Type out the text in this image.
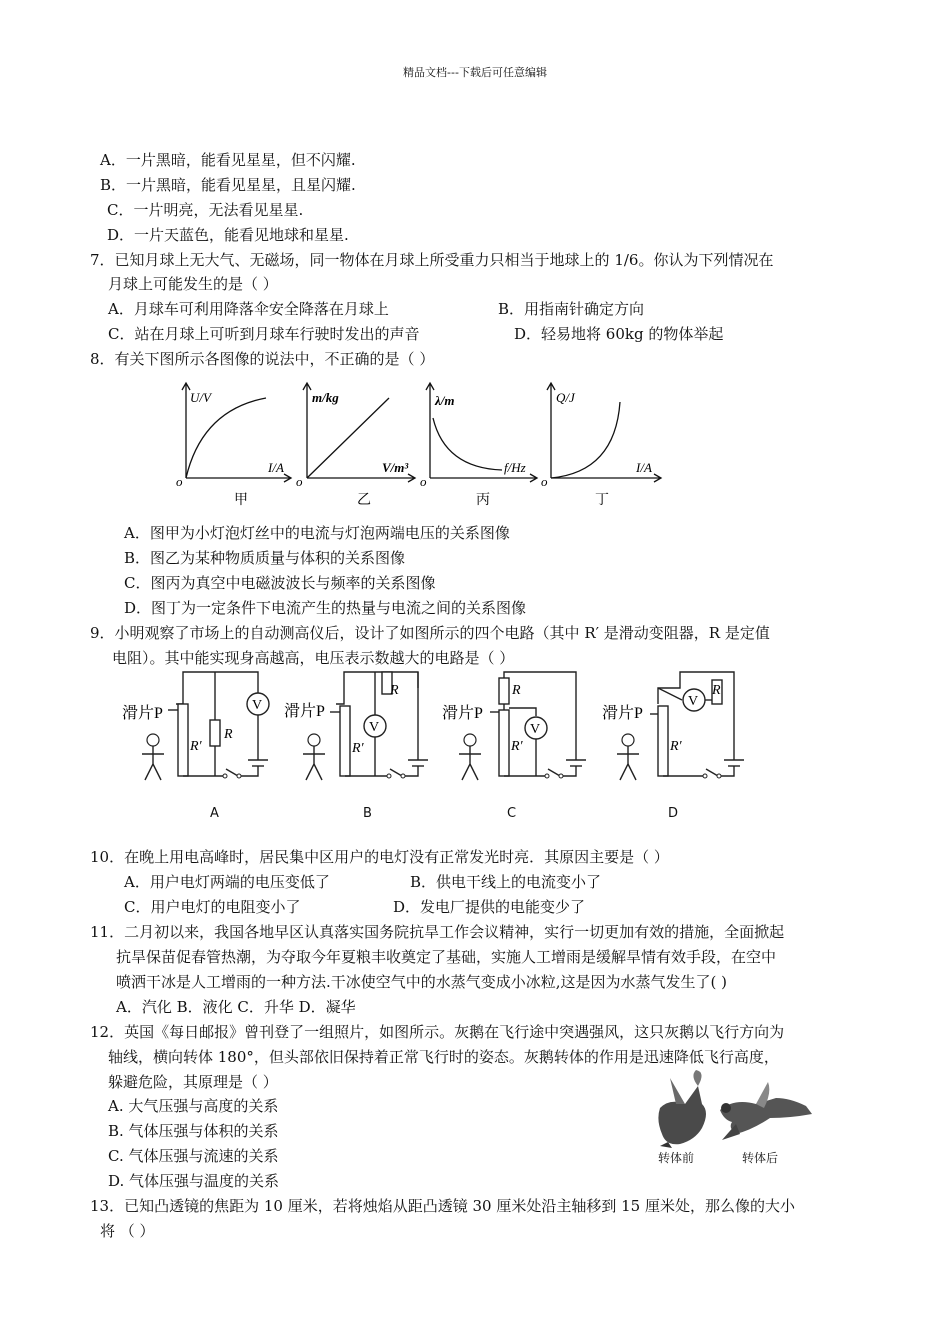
精品文档---下载后可任意编辑
A．一片黑暗，能看见星星，但不闪耀.
B．一片黑暗，能看见星星，且星闪耀.
C．一片明亮，无法看见星星.
D．一片天蓝色，能看见地球和星星.
7．已知月球上无大气、无磁场，同一物体在月球上所受重力只相当于地球上的 1/6。你认为下列情况在
月球上可能发生的是（ ）
A．月球车可利用降落伞安全降落在月球上	B．用指南针确定方向
C．站在月球上可听到月球车行驶时发出的声音	D．轻易地将 60kg 的物体举起
8．有关下图所示各图像的说法中，不正确的是（ ）
U/V
I/A
o
甲
m/kg
V/m³
o
乙
λ/m
f/Hz
o
丙
Q/J
I/A
o
丁
A．图甲为小灯泡灯丝中的电流与灯泡两端电压的关系图像
B．图乙为某种物质质量与体积的关系图像
C．图丙为真空中电磁波波长与频率的关系图像
D．图丁为一定条件下电流产生的热量与电流之间的关系图像
9．小明观察了市场上的自动测高仪后，设计了如图所示的四个电路（其中 R′ 是滑动变阻器，R 是定值
电阻）。其中能实现身高越高，电压表示数越大的电路是（ ）
滑片P
R′
R
V 滑片P
R′
V
R
滑片P
R
R′
V
滑片P
V
R
R′
A	B	C	D
10．在晚上用电高峰时，居民集中区用户的电灯没有正常发光时亮．其原因主要是（ ）
A．用户电灯两端的电压变低了	B．供电干线上的电流变小了
C．用户电灯的电阻变小了	D．发电厂提供的电能变少了
11．二月初以来，我国各地早区认真落实国务院抗旱工作会议精神，实行一切更加有效的措施，全面掀起
抗旱保苗促春管热潮，为夺取今年夏粮丰收奠定了基础，实施人工增雨是缓解旱情有效手段，在空中
喷洒干冰是人工增雨的一种方法.干冰使空气中的水蒸气变成小冰粒,这是因为水蒸气发生了( )
A．汽化 B．液化 C．升华 D．凝华
12．英国《每日邮报》曾刊登了一组照片，如图所示。灰鹅在飞行途中突遇强风，这只灰鹅以飞行方向为
轴线，横向转体 180°，但头部依旧保持着正常飞行时的姿态。灰鹅转体的作用是迅速降低飞行高度，
躲避危险，其原理是（ ）
A. 大气压强与高度的关系
B. 气体压强与体积的关系
C. 气体压强与流速的关系
D. 气体压强与温度的关系
转体前	转体后
13．已知凸透镜的焦距为 10 厘米，若将烛焰从距凸透镜 30 厘米处沿主轴移到 15 厘米处，那么像的大小
将 （ ）
